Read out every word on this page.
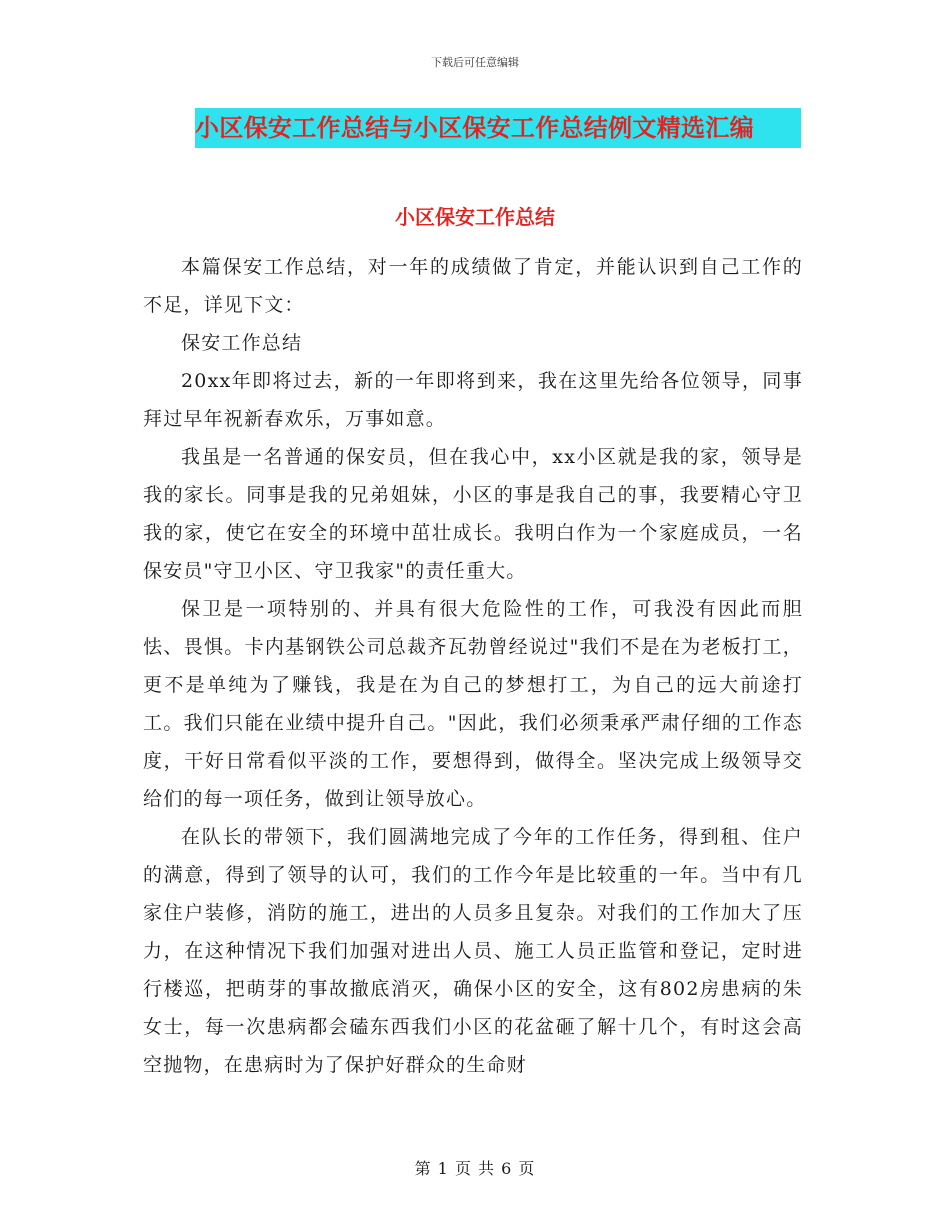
下载后可任意编辑
小区保安工作总结与小区保安工作总结例文精选汇编
小区保安工作总结

本篇保安工作总结，对一年的成绩做了肯定，并能认识到自己工作的不足，详见下文：

保安工作总结

20xx年即将过去，新的一年即将到来，我在这里先给各位领导，同事拜过早年祝新春欢乐，万事如意。

我虽是一名普通的保安员，但在我心中，xx小区就是我的家，领导是我的家长。同事是我的兄弟姐妹，小区的事是我自己的事，我要精心守卫我的家，使它在安全的环境中茁壮成长。我明白作为一个家庭成员，一名保安员"守卫小区、守卫我家"的责任重大。

保卫是一项特别的、并具有很大危险性的工作，可我没有因此而胆怯、畏惧。卡内基钢铁公司总裁齐瓦勃曾经说过"我们不是在为老板打工，更不是单纯为了赚钱，我是在为自己的梦想打工，为自己的远大前途打工。我们只能在业绩中提升自己。"因此，我们必须秉承严肃仔细的工作态度，干好日常看似平淡的工作，要想得到，做得全。坚决完成上级领导交给们的每一项任务，做到让领导放心。

在队长的带领下，我们圆满地完成了今年的工作任务，得到租、住户的满意，得到了领导的认可，我们的工作今年是比较重的一年。当中有几家住户装修，消防的施工，进出的人员多且复杂。对我们的工作加大了压力，在这种情况下我们加强对进出人员、施工人员正监管和登记，定时进行楼巡，把萌芽的事故撤底消灭，确保小区的安全，这有802房患病的朱女士，每一次患病都会磕东西我们小区的花盆砸了解十几个，有时这会高空抛物，在患病时为了保护好群众的生命财

第 1 页 共 6 页
